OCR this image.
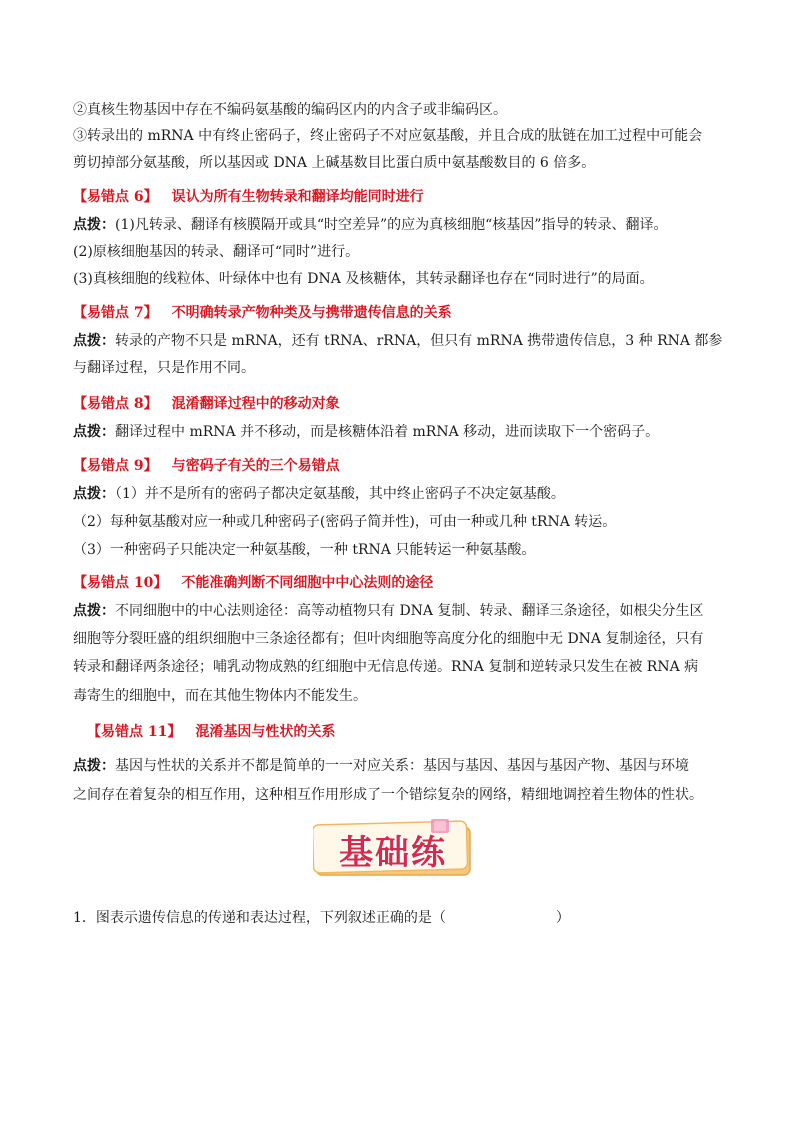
②真核生物基因中存在不编码氨基酸的编码区内的内含子或非编码区。
③转录出的 mRNA 中有终止密码子，终止密码子不对应氨基酸，并且合成的肽链在加工过程中可能会
剪切掉部分氨基酸，所以基因或 DNA 上碱基数目比蛋白质中氨基酸数目的 6 倍多。
【易错点 6】 误认为所有生物转录和翻译均能同时进行
点拨：(1)凡转录、翻译有核膜隔开或具“时空差异”的应为真核细胞“核基因”指导的转录、翻译。
(2)原核细胞基因的转录、翻译可“同时”进行。
(3)真核细胞的线粒体、叶绿体中也有 DNA 及核糖体，其转录翻译也存在“同时进行”的局面。
【易错点 7】 不明确转录产物种类及与携带遗传信息的关系
点拨：转录的产物不只是 mRNA，还有 tRNA、rRNA，但只有 mRNA 携带遗传信息，3 种 RNA 都参
与翻译过程，只是作用不同。
【易错点 8】 混淆翻译过程中的移动对象
点拨：翻译过程中 mRNA 并不移动，而是核糖体沿着 mRNA 移动，进而读取下一个密码子。
【易错点 9】 与密码子有关的三个易错点
点拨：（1）并不是所有的密码子都决定氨基酸，其中终止密码子不决定氨基酸。
（2）每种氨基酸对应一种或几种密码子(密码子简并性)，可由一种或几种 tRNA 转运。
（3）一种密码子只能决定一种氨基酸，一种 tRNA 只能转运一种氨基酸。
【易错点 10】 不能准确判断不同细胞中中心法则的途径
点拨：不同细胞中的中心法则途径：高等动植物只有 DNA 复制、转录、翻译三条途径，如根尖分生区
细胞等分裂旺盛的组织细胞中三条途径都有；但叶肉细胞等高度分化的细胞中无 DNA 复制途径，只有
转录和翻译两条途径；哺乳动物成熟的红细胞中无信息传递。RNA 复制和逆转录只发生在被 RNA 病
毒寄生的细胞中，而在其他生物体内不能发生。
【易错点 11】 混淆基因与性状的关系
点拨：基因与性状的关系并不都是简单的一一对应关系：基因与基因、基因与基因产物、基因与环境
之间存在着复杂的相互作用，这种相互作用形成了一个错综复杂的网络，精细地调控着生物体的性状。
基础练
1．图表示遗传信息的传递和表达过程，下列叙述正确的是（	）
